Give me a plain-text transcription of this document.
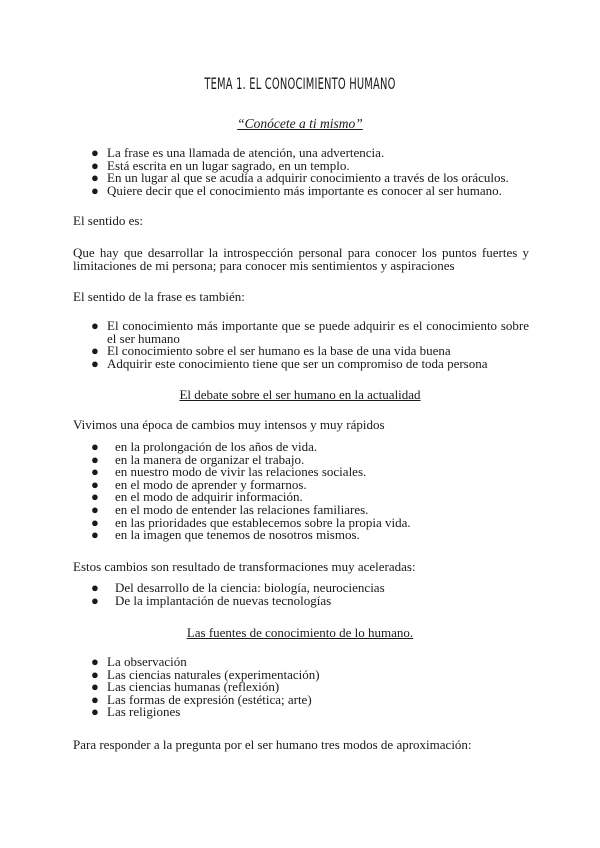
TEMA 1. EL CONOCIMIENTO HUMANO
“Conócete a ti mismo”
● La frase es una llamada de atención, una advertencia.
● Está escrita en un lugar sagrado, en un templo.
● En un lugar al que se acudía a adquirir conocimiento a través de los oráculos.
● Quiere decir que el conocimiento más importante es conocer al ser humano.

El sentido es:

Que hay que desarrollar la introspección personal para conocer los puntos fuertes y limitaciones de mi persona; para conocer mis sentimientos y aspiraciones

El sentido de la frase es también:

● El conocimiento más importante que se puede adquirir es el conocimiento sobre el ser humano
● El conocimiento sobre el ser humano es la base de una vida buena
● Adquirir este conocimiento tiene que ser un compromiso de toda persona
El debate sobre el ser humano en la actualidad

Vivimos una época de cambios muy intensos y muy rápidos

● en la prolongación de los años de vida.
● en la manera de organizar el trabajo.
● en nuestro modo de vivir las relaciones sociales.
● en el modo de aprender y formarnos.
● en el modo de adquirir información.
● en el modo de entender las relaciones familiares.
● en las prioridades que establecemos sobre la propia vida.
● en la imagen que tenemos de nosotros mismos.

Estos cambios son resultado de transformaciones muy aceleradas:

● Del desarrollo de la ciencia: biología, neurociencias
● De la implantación de nuevas tecnologías
Las fuentes de conocimiento de lo humano.
● La observación
● Las ciencias naturales (experimentación)
● Las ciencias humanas (reflexión)
● Las formas de expresión (estética; arte)
● Las religiones

Para responder a la pregunta por el ser humano tres modos de aproximación:
